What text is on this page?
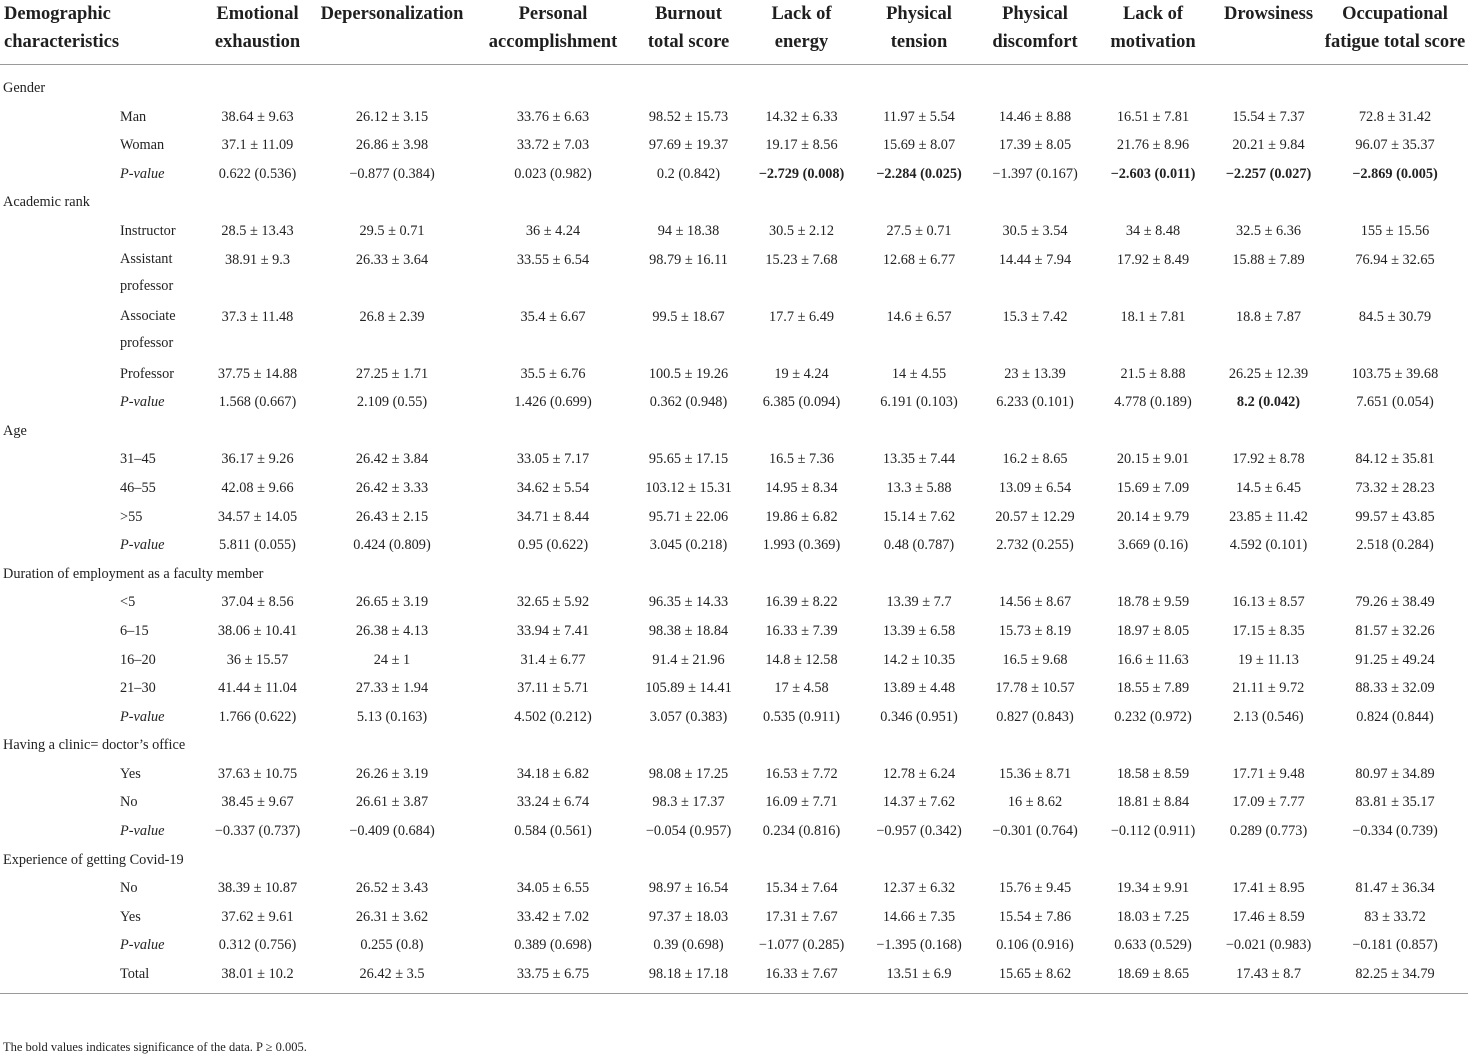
Demographic characteristics	Emotional exhaustion	Depersonalization	Personal accomplishment	Burnout total score	Lack of energy	Physical tension	Physical discomfort	Lack of motivation	Drowsiness	Occupational fatigue total score

Gender										
Man	38.64 ± 9.63	26.12 ± 3.15	33.76 ± 6.63	98.52 ± 15.73	14.32 ± 6.33	11.97 ± 5.54	14.46 ± 8.88	16.51 ± 7.81	15.54 ± 7.37	72.8 ± 31.42
Woman	37.1 ± 11.09	26.86 ± 3.98	33.72 ± 7.03	97.69 ± 19.37	19.17 ± 8.56	15.69 ± 8.07	17.39 ± 8.05	21.76 ± 8.96	20.21 ± 9.84	96.07 ± 35.37
P-value	0.622 (0.536)	−0.877 (0.384)	0.023 (0.982)	0.2 (0.842)	−2.729 (0.008)	−2.284 (0.025)	−1.397 (0.167)	−2.603 (0.011)	−2.257 (0.027)	−2.869 (0.005)
Academic rank										
Instructor	28.5 ± 13.43	29.5 ± 0.71	36 ± 4.24	94 ± 18.38	30.5 ± 2.12	27.5 ± 0.71	30.5 ± 3.54	34 ± 8.48	32.5 ± 6.36	155 ± 15.56
Assistant professor	38.91 ± 9.3	26.33 ± 3.64	33.55 ± 6.54	98.79 ± 16.11	15.23 ± 7.68	12.68 ± 6.77	14.44 ± 7.94	17.92 ± 8.49	15.88 ± 7.89	76.94 ± 32.65
Associate professor	37.3 ± 11.48	26.8 ± 2.39	35.4 ± 6.67	99.5 ± 18.67	17.7 ± 6.49	14.6 ± 6.57	15.3 ± 7.42	18.1 ± 7.81	18.8 ± 7.87	84.5 ± 30.79
Professor	37.75 ± 14.88	27.25 ± 1.71	35.5 ± 6.76	100.5 ± 19.26	19 ± 4.24	14 ± 4.55	23 ± 13.39	21.5 ± 8.88	26.25 ± 12.39	103.75 ± 39.68
P-value	1.568 (0.667)	2.109 (0.55)	1.426 (0.699)	0.362 (0.948)	6.385 (0.094)	6.191 (0.103)	6.233 (0.101)	4.778 (0.189)	8.2 (0.042)	7.651 (0.054)
Age										
31–45	36.17 ± 9.26	26.42 ± 3.84	33.05 ± 7.17	95.65 ± 17.15	16.5 ± 7.36	13.35 ± 7.44	16.2 ± 8.65	20.15 ± 9.01	17.92 ± 8.78	84.12 ± 35.81
46–55	42.08 ± 9.66	26.42 ± 3.33	34.62 ± 5.54	103.12 ± 15.31	14.95 ± 8.34	13.3 ± 5.88	13.09 ± 6.54	15.69 ± 7.09	14.5 ± 6.45	73.32 ± 28.23
>55	34.57 ± 14.05	26.43 ± 2.15	34.71 ± 8.44	95.71 ± 22.06	19.86 ± 6.82	15.14 ± 7.62	20.57 ± 12.29	20.14 ± 9.79	23.85 ± 11.42	99.57 ± 43.85
P-value	5.811 (0.055)	0.424 (0.809)	0.95 (0.622)	3.045 (0.218)	1.993 (0.369)	0.48 (0.787)	2.732 (0.255)	3.669 (0.16)	4.592 (0.101)	2.518 (0.284)
Duration of employment as a faculty member										
<5	37.04 ± 8.56	26.65 ± 3.19	32.65 ± 5.92	96.35 ± 14.33	16.39 ± 8.22	13.39 ± 7.7	14.56 ± 8.67	18.78 ± 9.59	16.13 ± 8.57	79.26 ± 38.49
6–15	38.06 ± 10.41	26.38 ± 4.13	33.94 ± 7.41	98.38 ± 18.84	16.33 ± 7.39	13.39 ± 6.58	15.73 ± 8.19	18.97 ± 8.05	17.15 ± 8.35	81.57 ± 32.26
16–20	36 ± 15.57	24 ± 1	31.4 ± 6.77	91.4 ± 21.96	14.8 ± 12.58	14.2 ± 10.35	16.5 ± 9.68	16.6 ± 11.63	19 ± 11.13	91.25 ± 49.24
21–30	41.44 ± 11.04	27.33 ± 1.94	37.11 ± 5.71	105.89 ± 14.41	17 ± 4.58	13.89 ± 4.48	17.78 ± 10.57	18.55 ± 7.89	21.11 ± 9.72	88.33 ± 32.09
P-value	1.766 (0.622)	5.13 (0.163)	4.502 (0.212)	3.057 (0.383)	0.535 (0.911)	0.346 (0.951)	0.827 (0.843)	0.232 (0.972)	2.13 (0.546)	0.824 (0.844)
Having a clinic= doctor’s office										
Yes	37.63 ± 10.75	26.26 ± 3.19	34.18 ± 6.82	98.08 ± 17.25	16.53 ± 7.72	12.78 ± 6.24	15.36 ± 8.71	18.58 ± 8.59	17.71 ± 9.48	80.97 ± 34.89
No	38.45 ± 9.67	26.61 ± 3.87	33.24 ± 6.74	98.3 ± 17.37	16.09 ± 7.71	14.37 ± 7.62	16 ± 8.62	18.81 ± 8.84	17.09 ± 7.77	83.81 ± 35.17
P-value	−0.337 (0.737)	−0.409 (0.684)	0.584 (0.561)	−0.054 (0.957)	0.234 (0.816)	−0.957 (0.342)	−0.301 (0.764)	−0.112 (0.911)	0.289 (0.773)	−0.334 (0.739)
Experience of getting Covid-19										
No	38.39 ± 10.87	26.52 ± 3.43	34.05 ± 6.55	98.97 ± 16.54	15.34 ± 7.64	12.37 ± 6.32	15.76 ± 9.45	19.34 ± 9.91	17.41 ± 8.95	81.47 ± 36.34
Yes	37.62 ± 9.61	26.31 ± 3.62	33.42 ± 7.02	97.37 ± 18.03	17.31 ± 7.67	14.66 ± 7.35	15.54 ± 7.86	18.03 ± 7.25	17.46 ± 8.59	83 ± 33.72
P-value	0.312 (0.756)	0.255 (0.8)	0.389 (0.698)	0.39 (0.698)	−1.077 (0.285)	−1.395 (0.168)	0.106 (0.916)	0.633 (0.529)	−0.021 (0.983)	−0.181 (0.857)
Total	38.01 ± 10.2	26.42 ± 3.5	33.75 ± 6.75	98.18 ± 17.18	16.33 ± 7.67	13.51 ± 6.9	15.65 ± 8.62	18.69 ± 8.65	17.43 ± 8.7	82.25 ± 34.79
The bold values indicates significance of the data. P ≥ 0.005.
